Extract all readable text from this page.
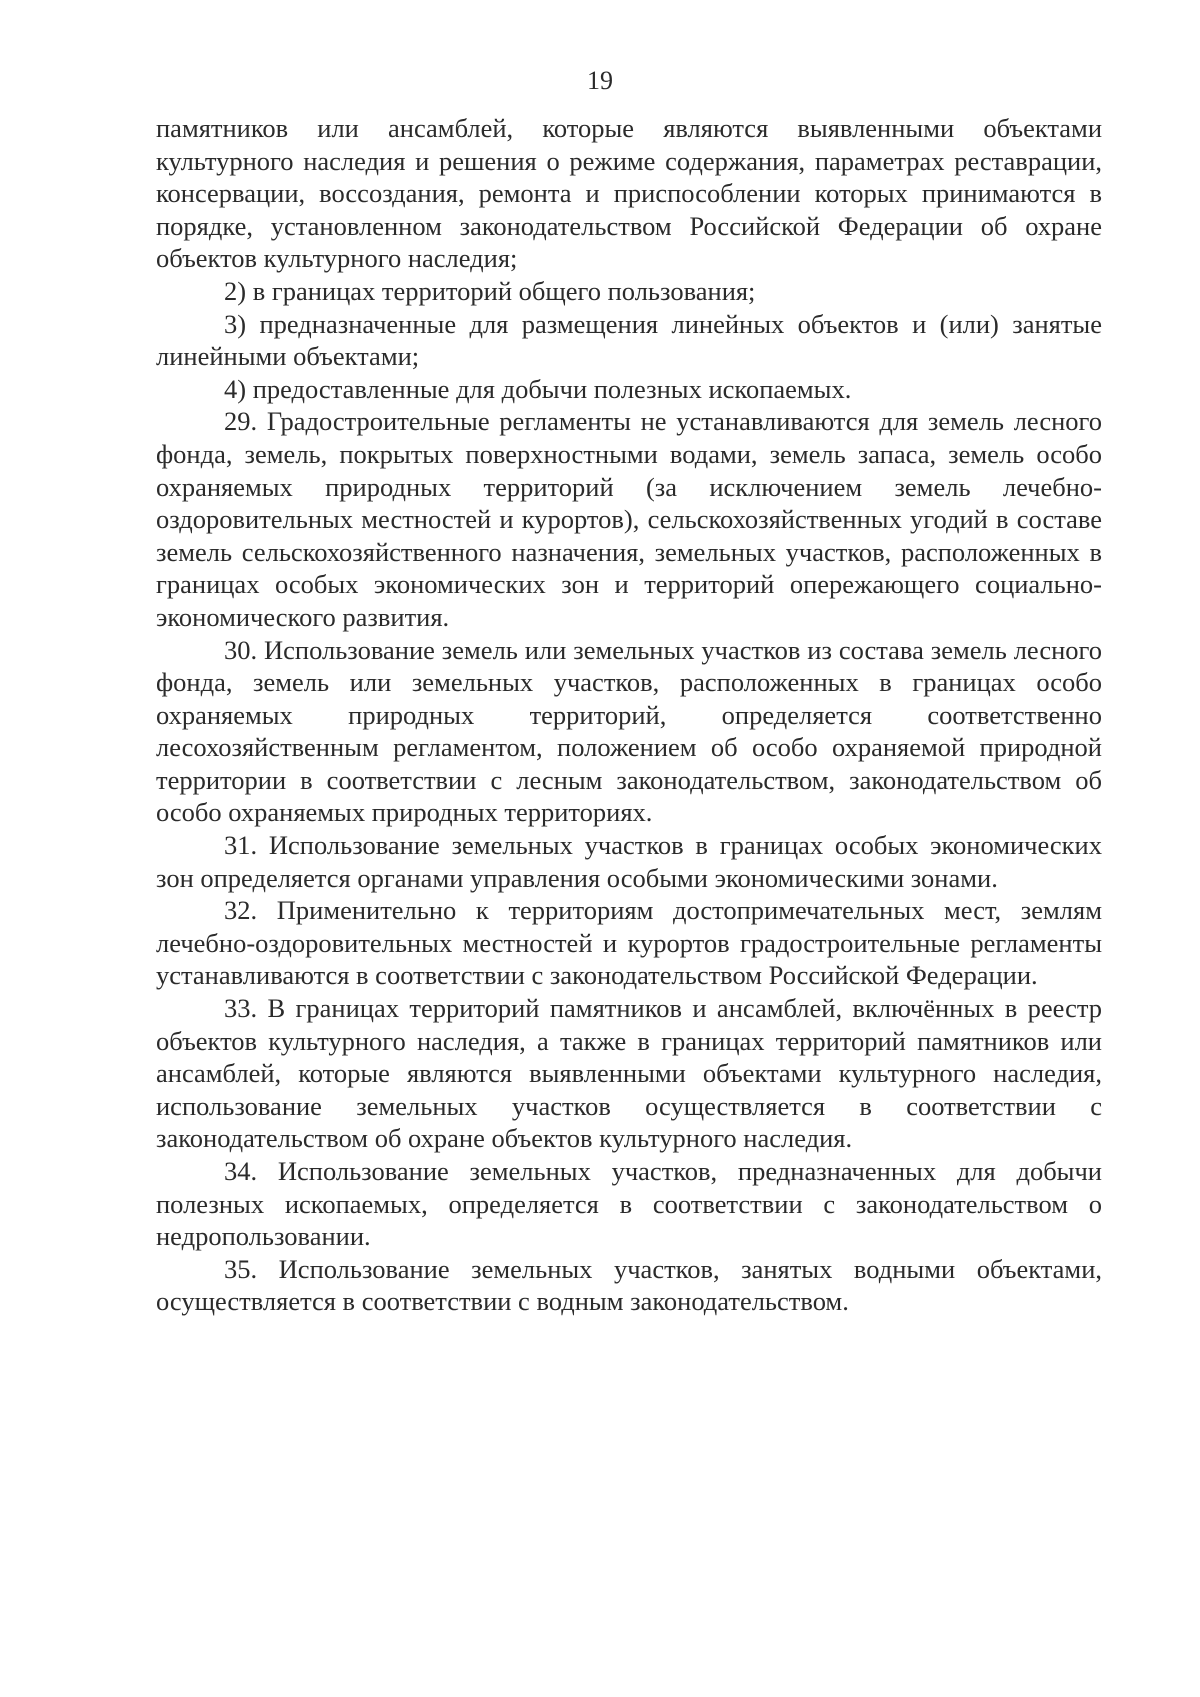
19

памятников или ансамблей, которые являются выявленными объектами культурного наследия и решения о режиме содержания, параметрах реставрации, консервации, воссоздания, ремонта и приспособлении которых принимаются в порядке, установленном законодательством Российской Федерации об охране объектов культурного наследия;

2) в границах территорий общего пользования;

3) предназначенные для размещения линейных объектов и (или) занятые линейными объектами;

4) предоставленные для добычи полезных ископаемых.

29. Градостроительные регламенты не устанавливаются для земель лесного фонда, земель, покрытых поверхностными водами, земель запаса, земель особо охраняемых природных территорий (за исключением земель лечебно-оздоровительных местностей и курортов), сельскохозяйственных угодий в составе земель сельскохозяйственного назначения, земельных участков, расположенных в границах особых экономических зон и территорий опережающего социально-экономического развития.

30. Использование земель или земельных участков из состава земель лесного фонда, земель или земельных участков, расположенных в границах особо охраняемых природных территорий, определяется соответственно лесохозяйственным регламентом, положением об особо охраняемой природной территории в соответствии с лесным законодательством, законодательством об особо охраняемых природных территориях.

31. Использование земельных участков в границах особых экономических зон определяется органами управления особыми экономическими зонами.

32. Применительно к территориям достопримечательных мест, землям лечебно-оздоровительных местностей и курортов градостроительные регламенты устанавливаются в соответствии с законодательством Российской Федерации.

33. В границах территорий памятников и ансамблей, включённых в реестр объектов культурного наследия, а также в границах территорий памятников или ансамблей, которые являются выявленными объектами культурного наследия, использование земельных участков осуществляется в соответствии с законодательством об охране объектов культурного наследия.

34. Использование земельных участков, предназначенных для добычи полезных ископаемых, определяется в соответствии с законодательством о недропользовании.

35. Использование земельных участков, занятых водными объектами, осуществляется в соответствии с водным законодательством.
